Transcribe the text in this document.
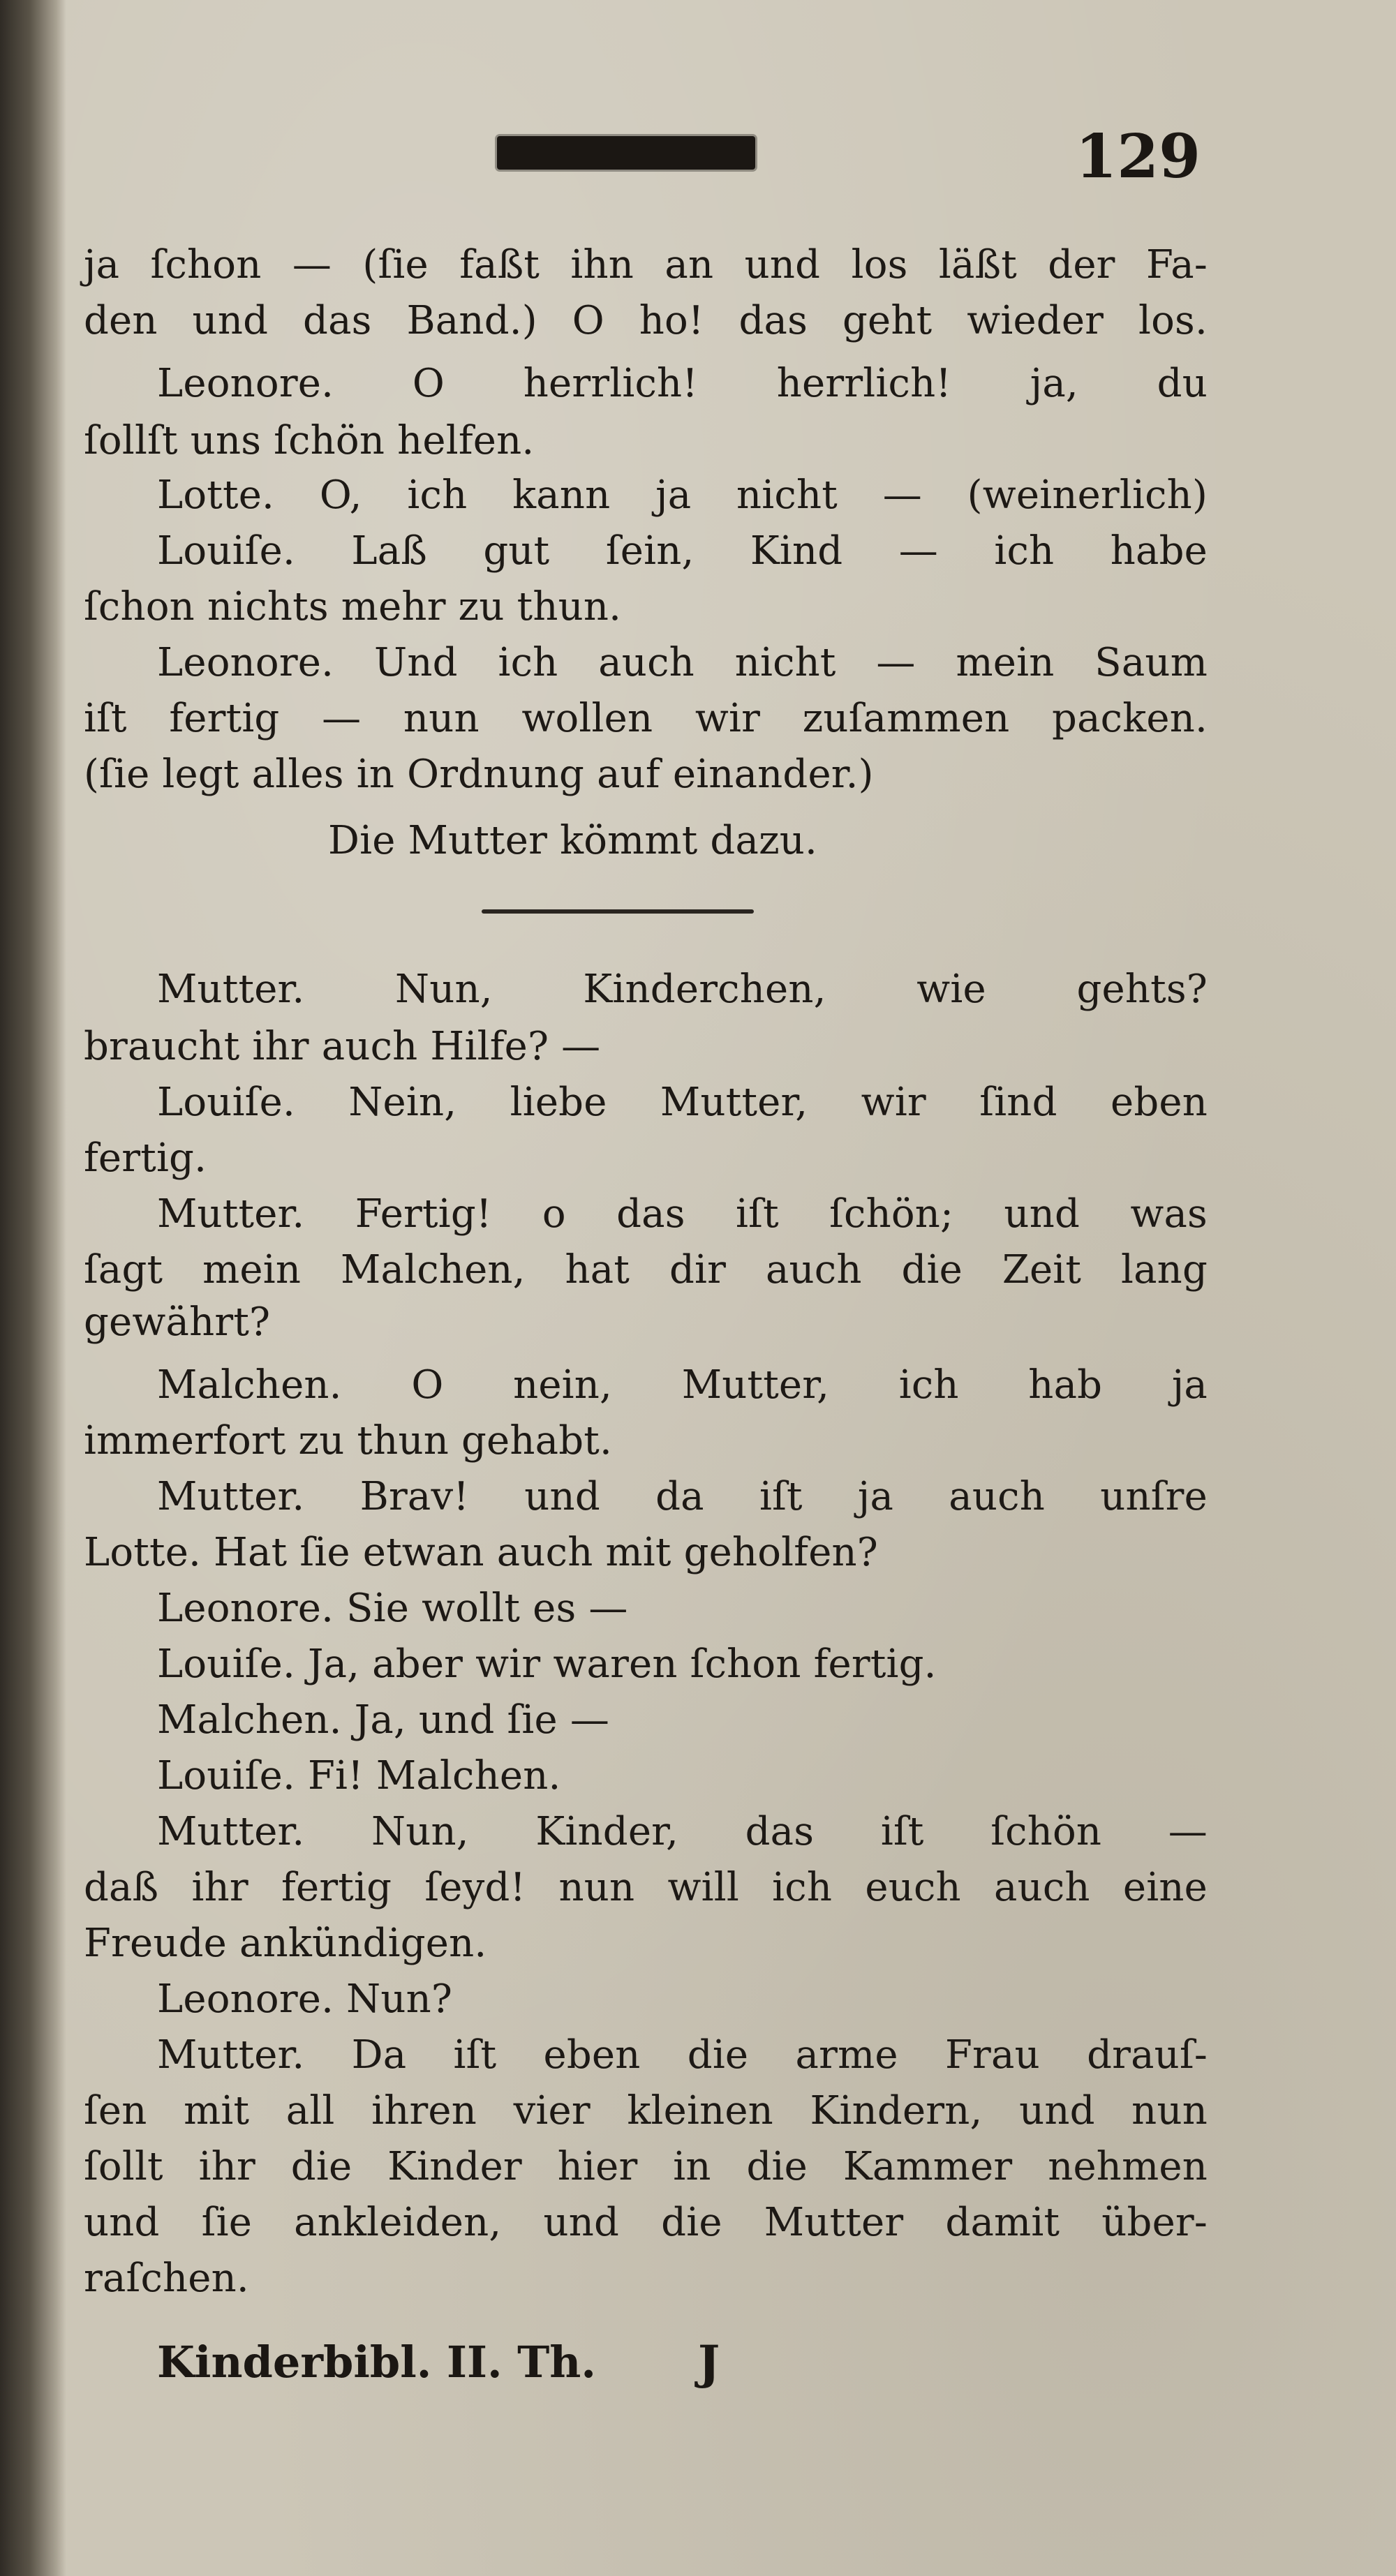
129
ja ſchon — (ſie faßt ihn an und los läßt der Fa-
den und das Band.) O ho! das geht wieder los.
Leonore. O herrlich! herrlich! ja, du
ſollſt uns ſchön helfen.
Lotte. O, ich kann ja nicht — (weinerlich)
Louiſe. Laß gut ſein, Kind — ich habe
ſchon nichts mehr zu thun.
Leonore. Und ich auch nicht — mein Saum
iſt fertig — nun wollen wir zuſammen packen.
(ſie legt alles in Ordnung auf einander.)
Die Mutter kömmt dazu.
Mutter. Nun, Kinderchen, wie gehts?
braucht ihr auch Hilfe? —
Louiſe. Nein, liebe Mutter, wir ſind eben
fertig.
Mutter. Fertig! o das iſt ſchön; und was
ſagt mein Malchen, hat dir auch die Zeit lang
gewährt?
Malchen. O nein, Mutter, ich hab ja
immerfort zu thun gehabt.
Mutter. Brav! und da iſt ja auch unſre
Lotte. Hat ſie etwan auch mit geholfen?
Leonore. Sie wollt es —
Louiſe. Ja, aber wir waren ſchon fertig.
Malchen. Ja, und ſie —
Louiſe. Fi! Malchen.
Mutter. Nun, Kinder, das iſt ſchön —
daß ihr fertig ſeyd! nun will ich euch auch eine
Freude ankündigen.
Leonore. Nun?
Mutter. Da iſt eben die arme Frau drauſ-
ſen mit all ihren vier kleinen Kindern, und nun
ſollt ihr die Kinder hier in die Kammer nehmen
und ſie ankleiden, und die Mutter damit über-
raſchen.
Kinderbibl. II. Th.	J
